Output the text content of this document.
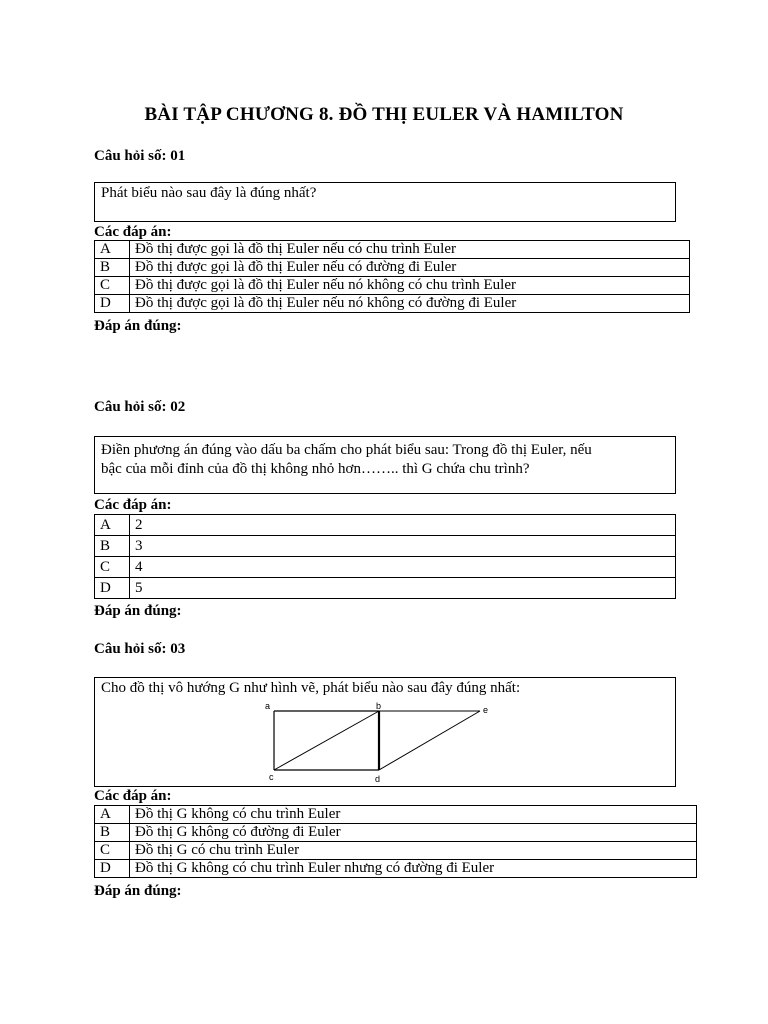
BÀI TẬP CHƯƠNG 8. ĐỒ THỊ EULER VÀ HAMILTON
Câu hỏi số: 01
Phát biểu nào sau đây là đúng nhất?
Các đáp án:
A	Đồ thị được gọi là đồ thị Euler nếu có chu trình Euler
B	Đồ thị được gọi là đồ thị Euler nếu có đường đi Euler
C	Đồ thị được gọi là đồ thị Euler nếu nó không có chu trình Euler
D	Đồ thị được gọi là đồ thị Euler nếu nó không có đường đi Euler
Đáp án đúng:
Câu hỏi số: 02
Điền phương án đúng vào dấu ba chấm cho phát biểu sau: Trong đồ thị Euler, nếu
bậc của mỗi đỉnh của đồ thị không nhỏ hơn…….. thì G chứa chu trình?
Các đáp án:
A	2
B	3
C	4
D	5
Đáp án đúng:
Câu hỏi số: 03
Cho đồ thị vô hướng G như hình vẽ, phát biểu nào sau đây đúng nhất:
a	b
c	d
e
Các đáp án:
A	Đồ thị G không có chu trình Euler
B	Đồ thị G không có đường đi Euler
C	Đồ thị G có chu trình Euler
D	Đồ thị G không có chu trình Euler nhưng có đường đi Euler
Đáp án đúng:
